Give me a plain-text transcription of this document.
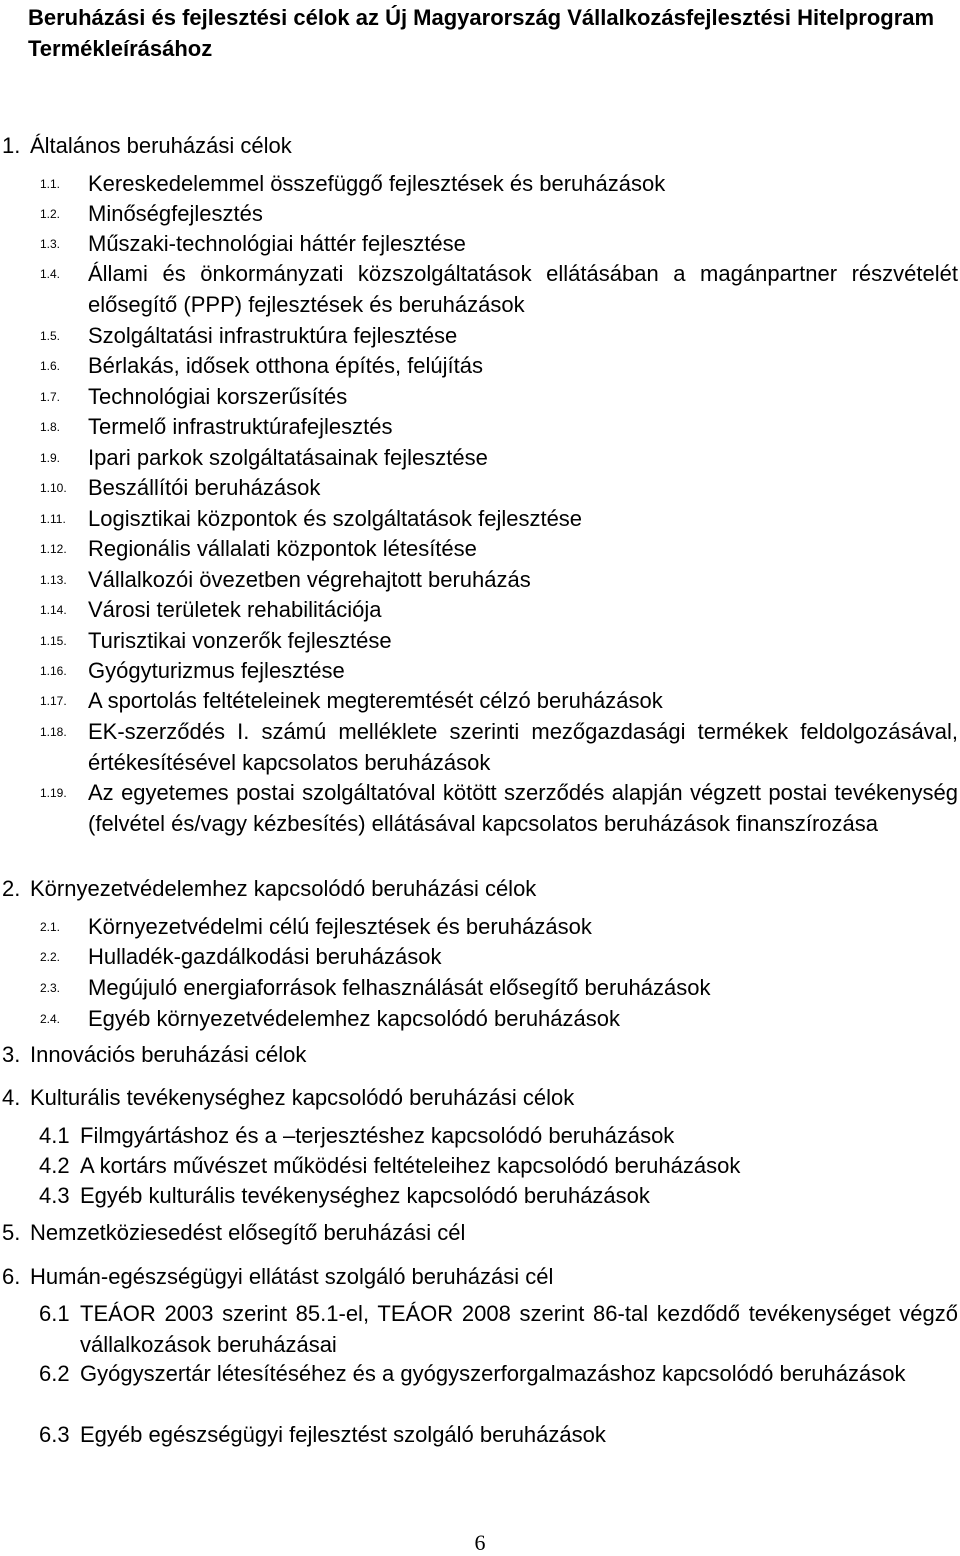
Beruházási és fejlesztési célok az Új Magyarország Vállalkozásfejlesztési Hitelprogram Termékleírásához
1. Általános beruházási célok
1.1. Kereskedelemmel összefüggő fejlesztések és beruházások
1.2. Minőségfejlesztés
1.3. Műszaki-technológiai háttér fejlesztése
1.4. Állami és önkormányzati közszolgáltatások ellátásában a magánpartner részvételét elősegítő (PPP) fejlesztések és beruházások
1.5. Szolgáltatási infrastruktúra fejlesztése
1.6. Bérlakás, idősek otthona építés, felújítás
1.7. Technológiai korszerűsítés
1.8. Termelő infrastruktúrafejlesztés
1.9. Ipari parkok szolgáltatásainak fejlesztése
1.10. Beszállítói beruházások
1.11. Logisztikai központok és szolgáltatások fejlesztése
1.12. Regionális vállalati központok létesítése
1.13. Vállalkozói övezetben végrehajtott beruházás
1.14. Városi területek rehabilitációja
1.15. Turisztikai vonzerők fejlesztése
1.16. Gyógyturizmus fejlesztése
1.17. A sportolás feltételeinek megteremtését célzó beruházások
1.18. EK-szerződés I. számú melléklete szerinti mezőgazdasági termékek feldolgozásával, értékesítésével kapcsolatos beruházások
1.19. Az egyetemes postai szolgáltatóval kötött szerződés alapján végzett postai tevékenység (felvétel és/vagy kézbesítés) ellátásával kapcsolatos beruházások finanszírozása
2. Környezetvédelemhez kapcsolódó beruházási célok
2.1. Környezetvédelmi célú fejlesztések és beruházások
2.2. Hulladék-gazdálkodási beruházások
2.3. Megújuló energiaforrások felhasználását elősegítő beruházások
2.4. Egyéb környezetvédelemhez kapcsolódó beruházások
3. Innovációs beruházási célok
4. Kulturális tevékenységhez kapcsolódó beruházási célok
4.1 Filmgyártáshoz és a –terjesztéshez kapcsolódó beruházások
4.2 A kortárs művészet működési feltételeihez kapcsolódó beruházások
4.3 Egyéb kulturális tevékenységhez kapcsolódó beruházások
5. Nemzetköziesedést elősegítő beruházási cél
6. Humán-egészségügyi ellátást szolgáló beruházási cél
6.1 TEÁOR 2003 szerint 85.1-el, TEÁOR 2008 szerint 86-tal kezdődő tevékenységet végző vállalkozások beruházásai
6.2 Gyógyszertár létesítéséhez és a gyógyszerforgalmazáshoz kapcsolódó beruházások
6.3 Egyéb egészségügyi fejlesztést szolgáló beruházások
6
